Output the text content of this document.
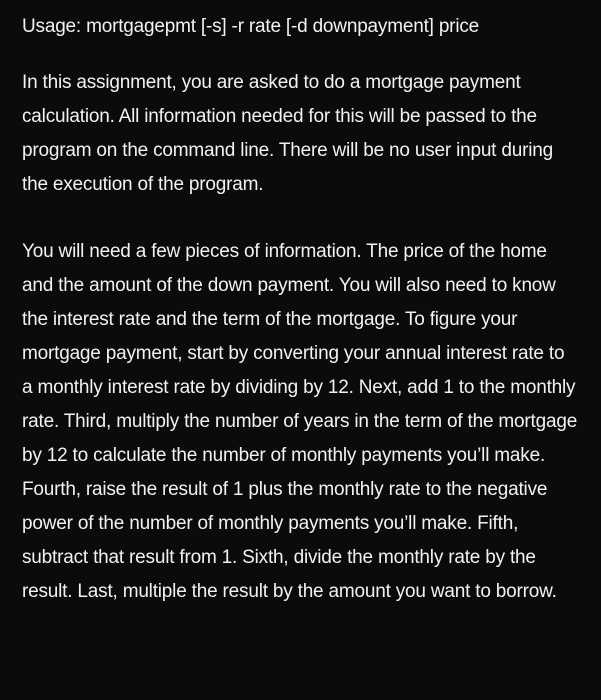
Usage: mortgagepmt [-s] -r rate [-d downpayment] price

In this assignment, you are asked to do a mortgage payment calculation. All information needed for this will be passed to the program on the command line. There will be no user input during the execution of the program.

You will need a few pieces of information. The price of the home and the amount of the down payment. You will also need to know the interest rate and the term of the mortgage. To figure your mortgage payment, start by converting your annual interest rate to a monthly interest rate by dividing by 12. Next, add 1 to the monthly rate. Third, multiply the number of years in the term of the mortgage by 12 to calculate the number of monthly payments you’ll make. Fourth, raise the result of 1 plus the monthly rate to the negative power of the number of monthly payments you’ll make. Fifth, subtract that result from 1. Sixth, divide the monthly rate by the result. Last, multiple the result by the amount you want to borrow.
